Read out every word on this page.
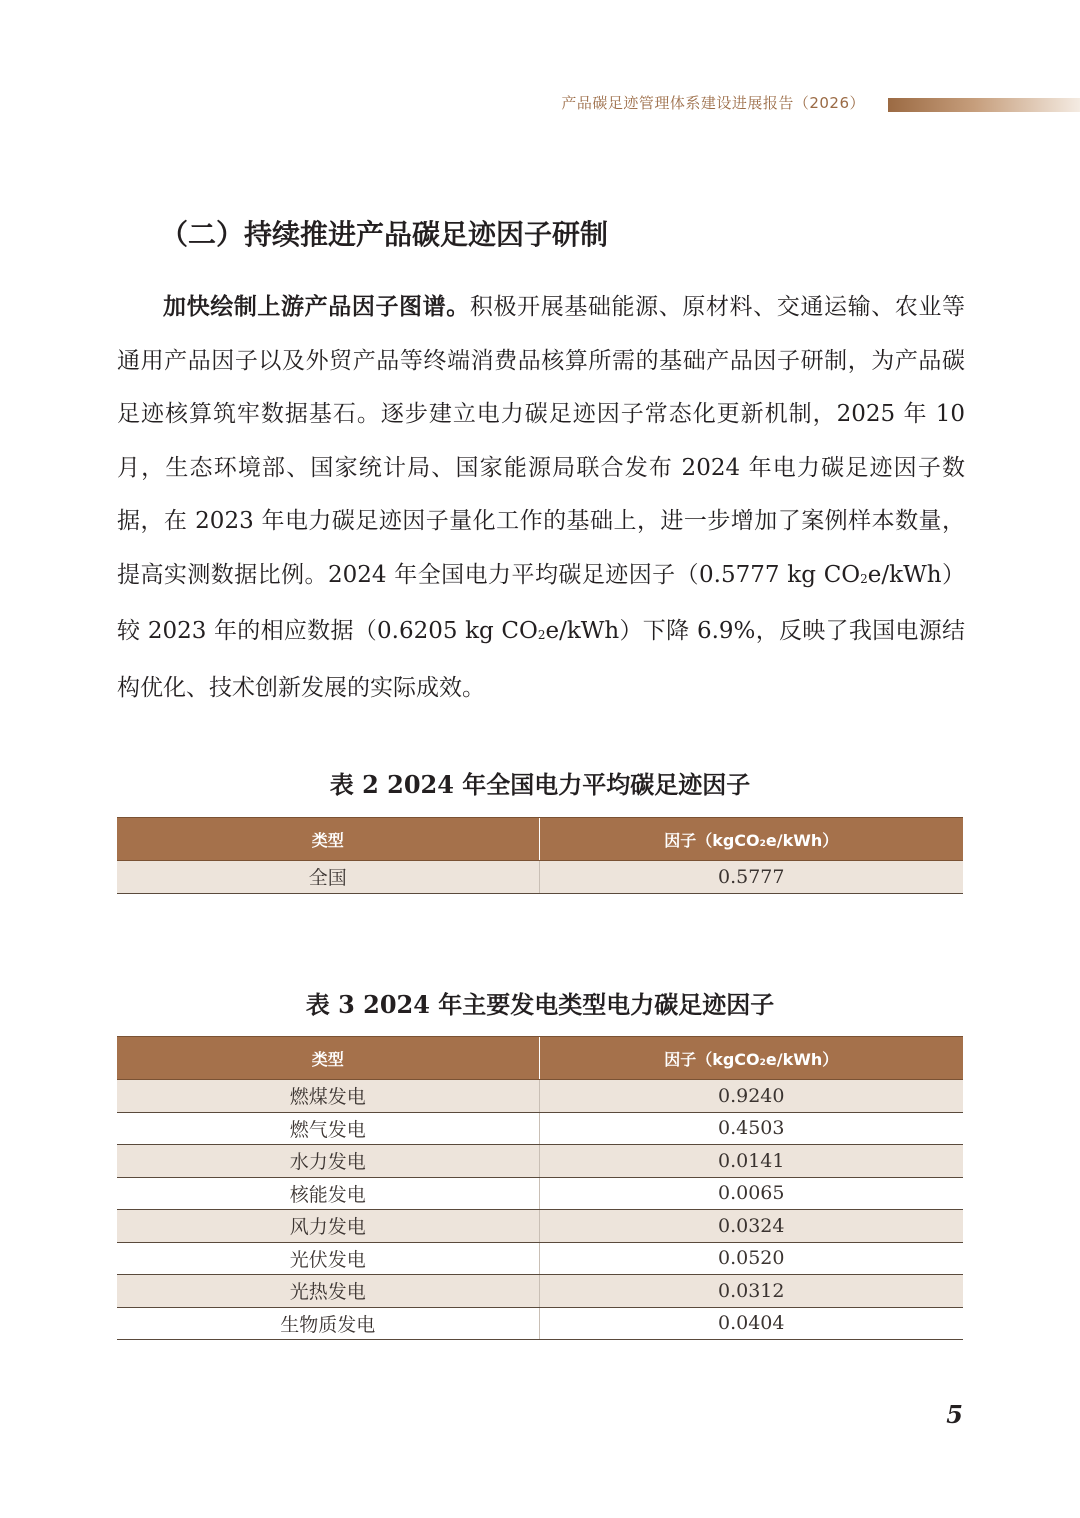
产品碳足迹管理体系建设进展报告（2026）
（二）持续推进产品碳足迹因子研制
加快绘制上游产品因子图谱。积极开展基础能源、原材料、交通运输、农业等通用产品因子以及外贸产品等终端消费品核算所需的基础产品因子研制，为产品碳足迹核算筑牢数据基石。逐步建立电力碳足迹因子常态化更新机制，2025 年 10 月，生态环境部、国家统计局、国家能源局联合发布 2024 年电力碳足迹因子数据，在 2023 年电力碳足迹因子量化工作的基础上，进一步增加了案例样本数量，提高实测数据比例。2024 年全国电力平均碳足迹因子（0.5777 kg $CO_2e/kWh$）较 2023 年的相应数据（0.6205 kg $CO_2e/kWh$）下降 6.9%，反映了我国电源结构优化、技术创新发展的实际成效。
表 2 2024 年全国电力平均碳足迹因子
类型	因子（kgCO2e/kWh）
全国	0.5777
表 3 2024 年主要发电类型电力碳足迹因子
类型	因子（kgCO2e/kWh）
燃煤发电	0.9240
燃气发电	0.4503
水力发电	0.0141
核能发电	0.0065
风力发电	0.0324
光伏发电	0.0520
光热发电	0.0312
生物质发电	0.0404
5
